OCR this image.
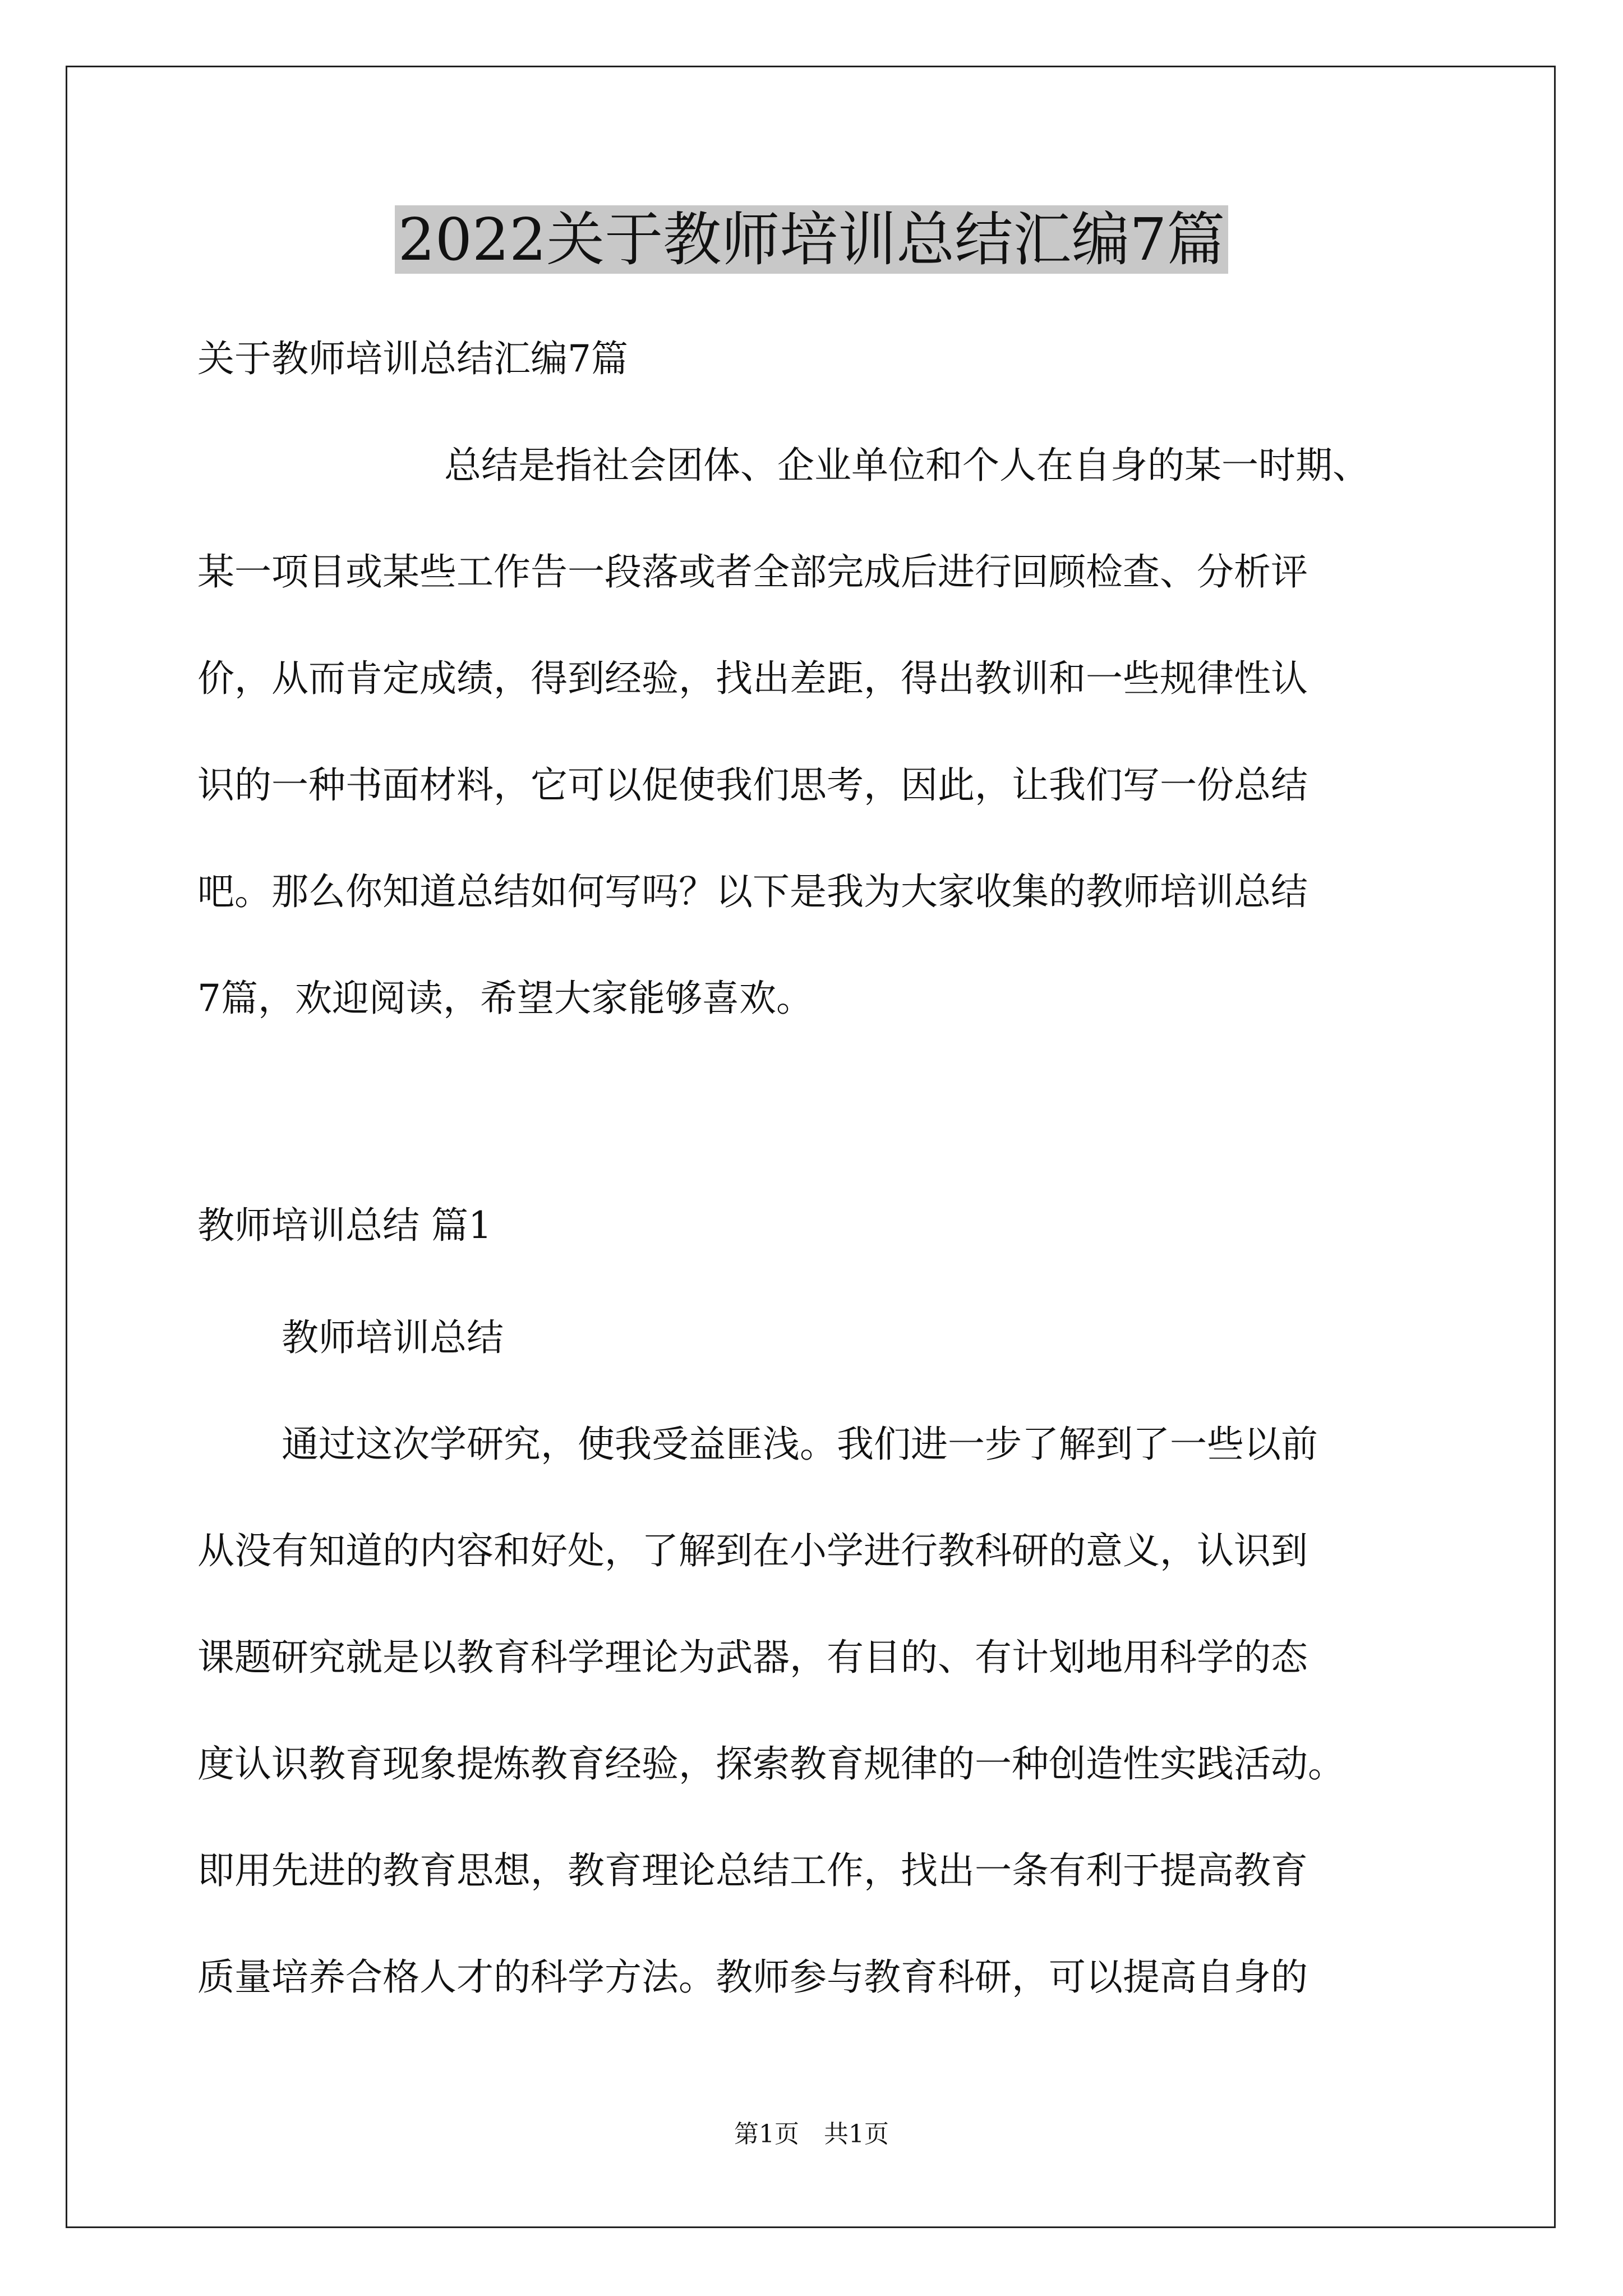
2022关于教师培训总结汇编7篇

关于教师培训总结汇编7篇

总结是指社会团体、企业单位和个人在自身的某一时期、

某一项目或某些工作告一段落或者全部完成后进行回顾检查、分析评

价，从而肯定成绩，得到经验，找出差距，得出教训和一些规律性认

识的一种书面材料，它可以促使我们思考，因此，让我们写一份总结

吧。那么你知道总结如何写吗？以下是我为大家收集的教师培训总结

7篇，欢迎阅读，希望大家能够喜欢。

教师培训总结 篇1

教师培训总结

通过这次学研究，使我受益匪浅。我们进一步了解到了一些以前

从没有知道的内容和好处，了解到在小学进行教科研的意义，认识到

课题研究就是以教育科学理论为武器，有目的、有计划地用科学的态

度认识教育现象提炼教育经验，探索教育规律的一种创造性实践活动。

即用先进的教育思想，教育理论总结工作，找出一条有利于提高教育

质量培养合格人才的科学方法。教师参与教育科研，可以提高自身的

第1页 共1页
